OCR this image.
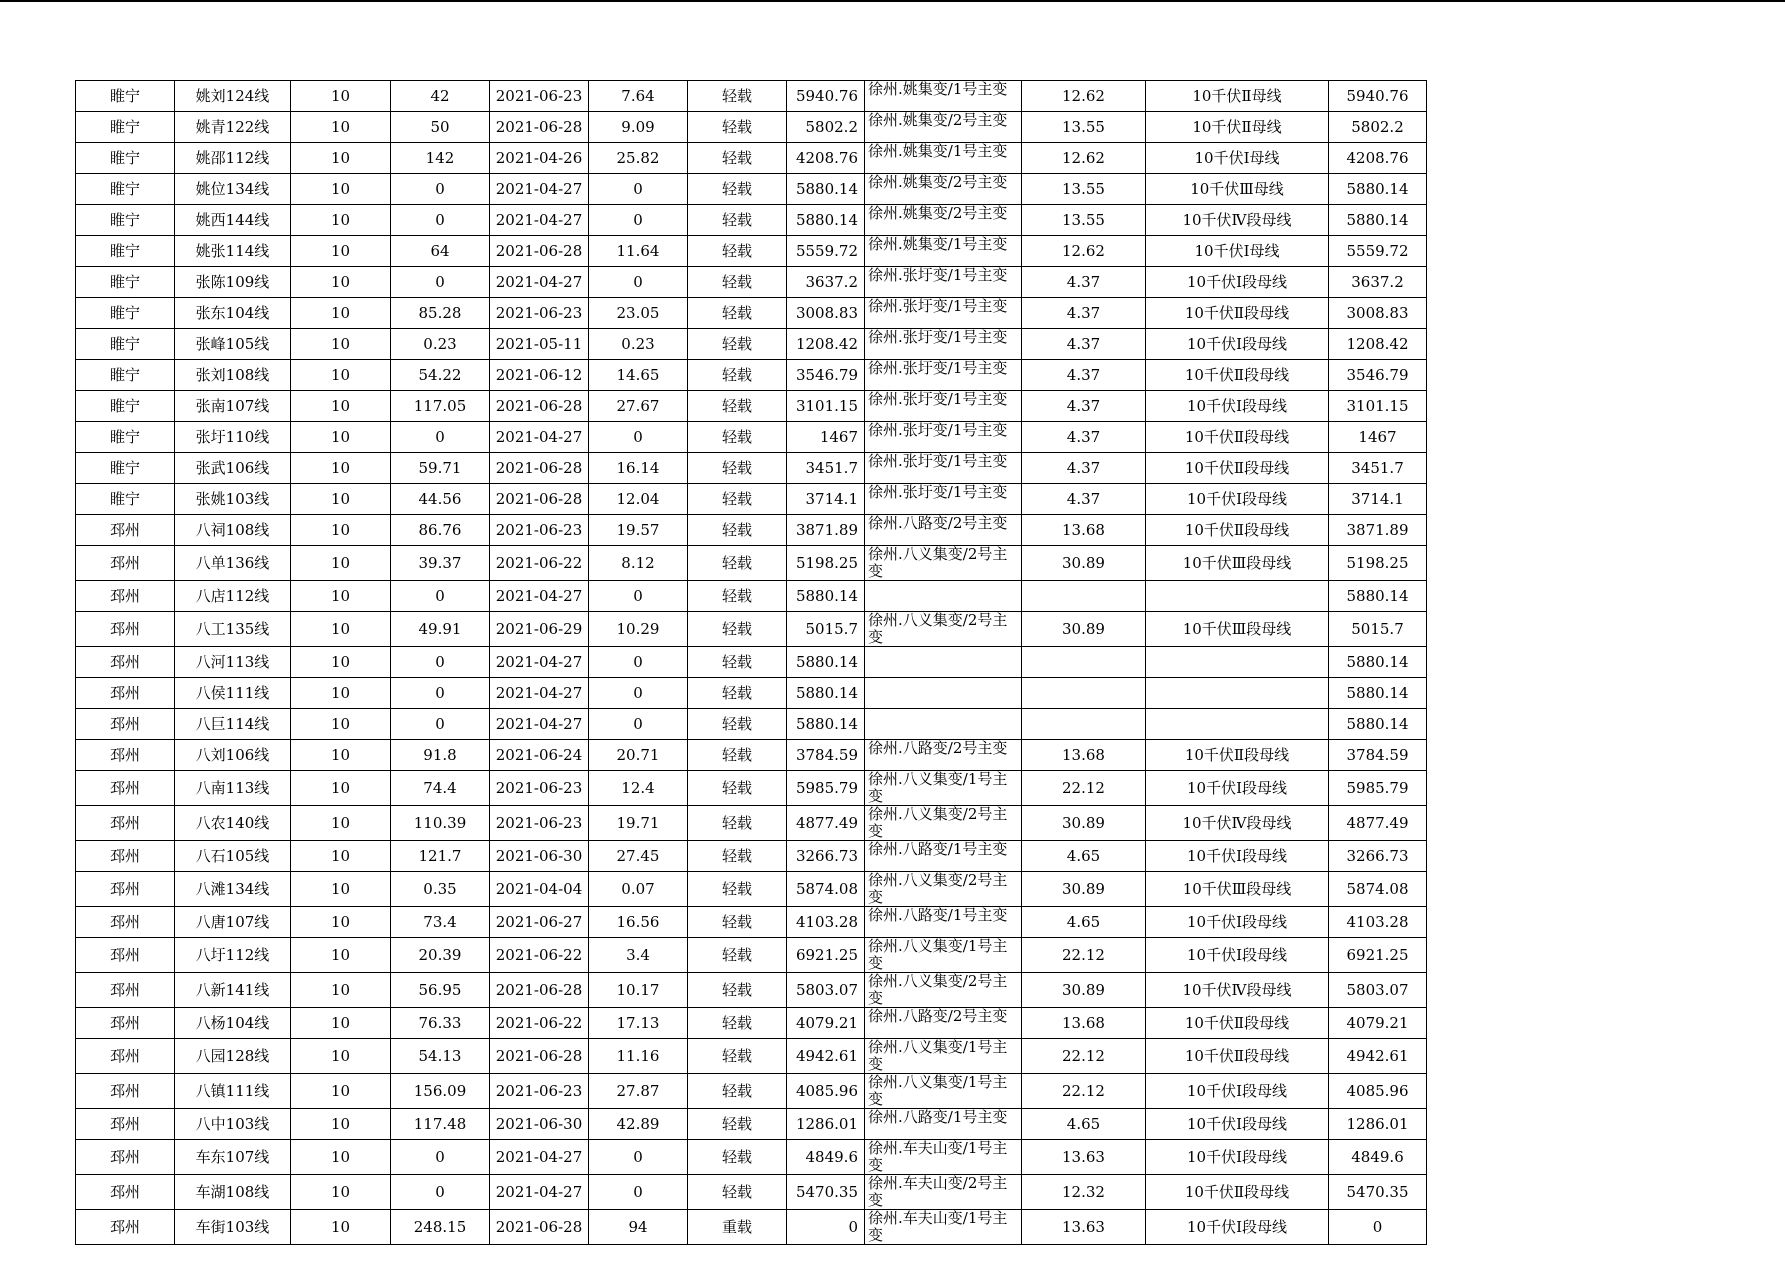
睢宁	姚刘124线	10	42	2021-06-23	7.64	轻载	5940.76	徐州.姚集变/1号主变	12.62	10千伏Ⅱ母线	5940.76
睢宁	姚青122线	10	50	2021-06-28	9.09	轻载	5802.2	徐州.姚集变/2号主变	13.55	10千伏Ⅱ母线	5802.2
睢宁	姚邵112线	10	142	2021-04-26	25.82	轻载	4208.76	徐州.姚集变/1号主变	12.62	10千伏Ⅰ母线	4208.76
睢宁	姚位134线	10	0	2021-04-27	0	轻载	5880.14	徐州.姚集变/2号主变	13.55	10千伏Ⅲ母线	5880.14
睢宁	姚西144线	10	0	2021-04-27	0	轻载	5880.14	徐州.姚集变/2号主变	13.55	10千伏Ⅳ段母线	5880.14
睢宁	姚张114线	10	64	2021-06-28	11.64	轻载	5559.72	徐州.姚集变/1号主变	12.62	10千伏Ⅰ母线	5559.72
睢宁	张陈109线	10	0	2021-04-27	0	轻载	3637.2	徐州.张圩变/1号主变	4.37	10千伏Ⅰ段母线	3637.2
睢宁	张东104线	10	85.28	2021-06-23	23.05	轻载	3008.83	徐州.张圩变/1号主变	4.37	10千伏Ⅱ段母线	3008.83
睢宁	张峰105线	10	0.23	2021-05-11	0.23	轻载	1208.42	徐州.张圩变/1号主变	4.37	10千伏Ⅰ段母线	1208.42
睢宁	张刘108线	10	54.22	2021-06-12	14.65	轻载	3546.79	徐州.张圩变/1号主变	4.37	10千伏Ⅱ段母线	3546.79
睢宁	张南107线	10	117.05	2021-06-28	27.67	轻载	3101.15	徐州.张圩变/1号主变	4.37	10千伏Ⅰ段母线	3101.15
睢宁	张圩110线	10	0	2021-04-27	0	轻载	1467	徐州.张圩变/1号主变	4.37	10千伏Ⅱ段母线	1467
睢宁	张武106线	10	59.71	2021-06-28	16.14	轻载	3451.7	徐州.张圩变/1号主变	4.37	10千伏Ⅱ段母线	3451.7
睢宁	张姚103线	10	44.56	2021-06-28	12.04	轻载	3714.1	徐州.张圩变/1号主变	4.37	10千伏Ⅰ段母线	3714.1
邳州	八祠108线	10	86.76	2021-06-23	19.57	轻载	3871.89	徐州.八路变/2号主变	13.68	10千伏Ⅱ段母线	3871.89
邳州	八单136线	10	39.37	2021-06-22	8.12	轻载	5198.25	徐州.八义集变/2号主变	30.89	10千伏Ⅲ段母线	5198.25
邳州	八店112线	10	0	2021-04-27	0	轻载	5880.14				5880.14
邳州	八工135线	10	49.91	2021-06-29	10.29	轻载	5015.7	徐州.八义集变/2号主变	30.89	10千伏Ⅲ段母线	5015.7
邳州	八河113线	10	0	2021-04-27	0	轻载	5880.14				5880.14
邳州	八侯111线	10	0	2021-04-27	0	轻载	5880.14				5880.14
邳州	八巨114线	10	0	2021-04-27	0	轻载	5880.14				5880.14
邳州	八刘106线	10	91.8	2021-06-24	20.71	轻载	3784.59	徐州.八路变/2号主变	13.68	10千伏Ⅱ段母线	3784.59
邳州	八南113线	10	74.4	2021-06-23	12.4	轻载	5985.79	徐州.八义集变/1号主变	22.12	10千伏Ⅰ段母线	5985.79
邳州	八农140线	10	110.39	2021-06-23	19.71	轻载	4877.49	徐州.八义集变/2号主变	30.89	10千伏Ⅳ段母线	4877.49
邳州	八石105线	10	121.7	2021-06-30	27.45	轻载	3266.73	徐州.八路变/1号主变	4.65	10千伏Ⅰ段母线	3266.73
邳州	八滩134线	10	0.35	2021-04-04	0.07	轻载	5874.08	徐州.八义集变/2号主变	30.89	10千伏Ⅲ段母线	5874.08
邳州	八唐107线	10	73.4	2021-06-27	16.56	轻载	4103.28	徐州.八路变/1号主变	4.65	10千伏Ⅰ段母线	4103.28
邳州	八圩112线	10	20.39	2021-06-22	3.4	轻载	6921.25	徐州.八义集变/1号主变	22.12	10千伏Ⅰ段母线	6921.25
邳州	八新141线	10	56.95	2021-06-28	10.17	轻载	5803.07	徐州.八义集变/2号主变	30.89	10千伏Ⅳ段母线	5803.07
邳州	八杨104线	10	76.33	2021-06-22	17.13	轻载	4079.21	徐州.八路变/2号主变	13.68	10千伏Ⅱ段母线	4079.21
邳州	八园128线	10	54.13	2021-06-28	11.16	轻载	4942.61	徐州.八义集变/1号主变	22.12	10千伏Ⅱ段母线	4942.61
邳州	八镇111线	10	156.09	2021-06-23	27.87	轻载	4085.96	徐州.八义集变/1号主变	22.12	10千伏Ⅰ段母线	4085.96
邳州	八中103线	10	117.48	2021-06-30	42.89	轻载	1286.01	徐州.八路变/1号主变	4.65	10千伏Ⅰ段母线	1286.01
邳州	车东107线	10	0	2021-04-27	0	轻载	4849.6	徐州.车夫山变/1号主变	13.63	10千伏Ⅰ段母线	4849.6
邳州	车湖108线	10	0	2021-04-27	0	轻载	5470.35	徐州.车夫山变/2号主变	12.32	10千伏Ⅱ段母线	5470.35
邳州	车街103线	10	248.15	2021-06-28	94	重载	0	徐州.车夫山变/1号主变	13.63	10千伏Ⅰ段母线	0
